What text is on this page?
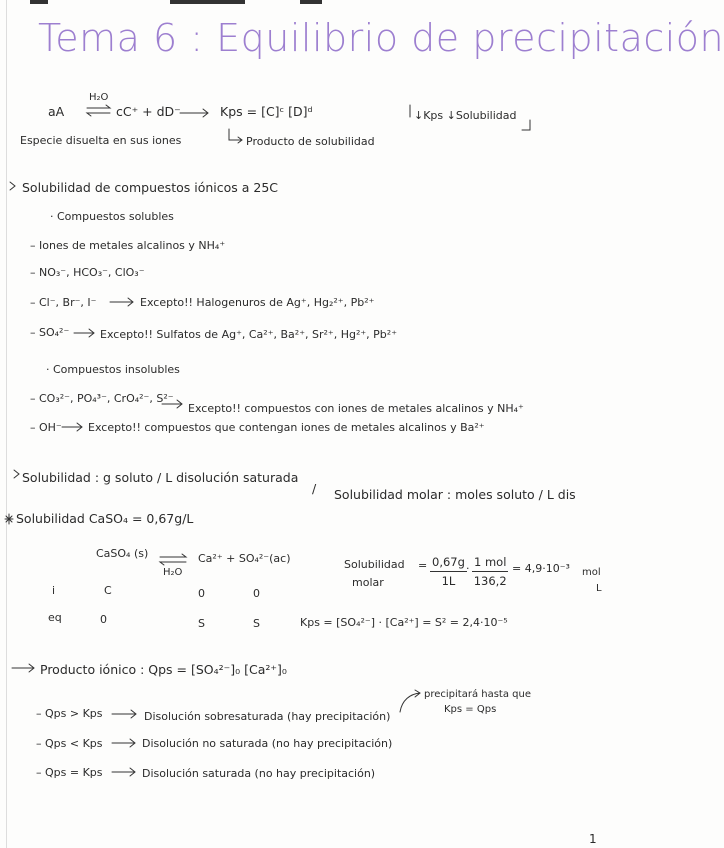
Tema 6 : Equilibrio de precipitación
aA
H₂O
cC⁺ + dD⁻	Kps = [C]ᶜ [D]ᵈ
Especie disuelta en sus iones	Producto de solubilidad
↓Kps ↓Solubilidad
Solubilidad de compuestos iónicos a 25C
· Compuestos solubles
– Iones de metales alcalinos y NH₄⁺
– NO₃⁻, HCO₃⁻, ClO₃⁻
– Cl⁻, Br⁻, I⁻	Excepto!! Halogenuros de Ag⁺, Hg₂²⁺, Pb²⁺
– SO₄²⁻	Excepto!! Sulfatos de Ag⁺, Ca²⁺, Ba²⁺, Sr²⁺, Hg²⁺, Pb²⁺
· Compuestos insolubles
– CO₃²⁻, PO₄³⁻, CrO₄²⁻, S²⁻
Excepto!! compuestos con iones de metales alcalinos y NH₄⁺
– OH⁻ Excepto!! compuestos que contengan iones de metales alcalinos y Ba²⁺
Solubilidad : g soluto / L disolución saturada
/ Solubilidad molar : moles soluto / L dis
Solubilidad CaSO₄ = 0,67g/L
CaSO₄ (s)
H₂O
Ca²⁺ + SO₄²⁻(ac)
i	C	0	0
eq	0	S	S
Solubilidad
molar
= $\frac{0,67g}{1L} \cdot 1$ mol
136,2
= 4,9·10⁻³ mol
L
Kps = [SO₄²⁻] · [Ca²⁺] = S² = 2,4·10⁻⁵
Producto iónico : Qps = [SO₄²⁻]₀ [Ca²⁺]₀
precipitará hasta que
Kps = Qps
– Qps > Kps	Disolución sobresaturada (hay precipitación)
– Qps < Kps	Disolución no saturada (no hay precipitación)
– Qps = Kps	Disolución saturada (no hay precipitación)
1
